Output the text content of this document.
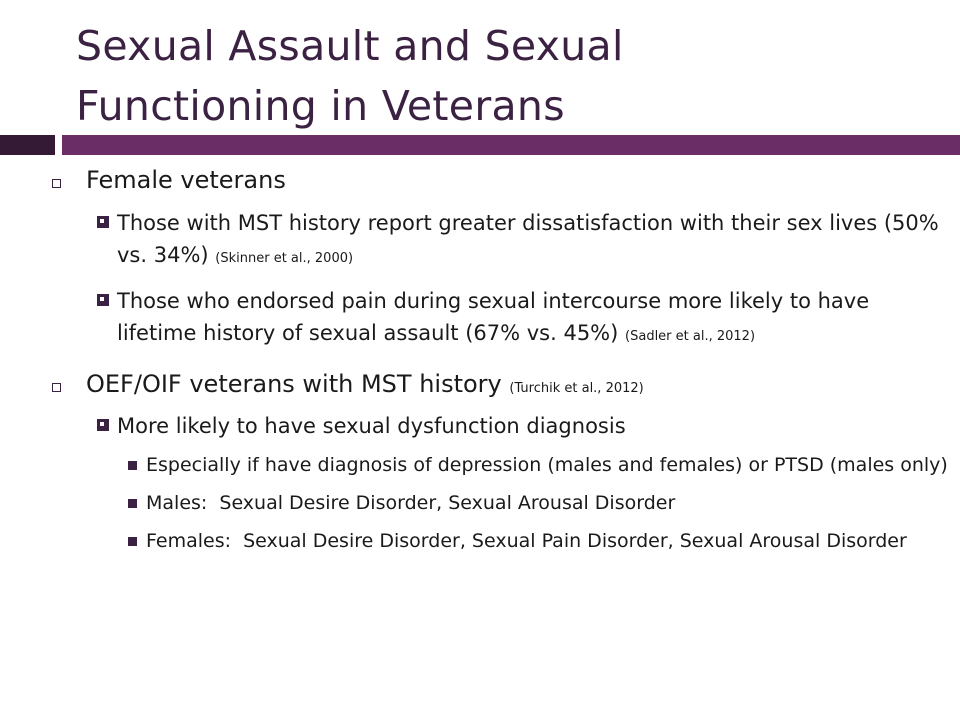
Sexual Assault and Sexual
Functioning in Veterans
Female veterans
Those with MST history report greater dissatisfaction with their sex lives (50% vs. 34%) (Skinner et al., 2000)
Those who endorsed pain during sexual intercourse more likely to have lifetime history of sexual assault (67% vs. 45%) (Sadler et al., 2012)
OEF/OIF veterans with MST history (Turchik et al., 2012)
More likely to have sexual dysfunction diagnosis
Especially if have diagnosis of depression (males and females) or PTSD (males only)
Males:  Sexual Desire Disorder, Sexual Arousal Disorder
Females:  Sexual Desire Disorder, Sexual Pain Disorder, Sexual Arousal Disorder
